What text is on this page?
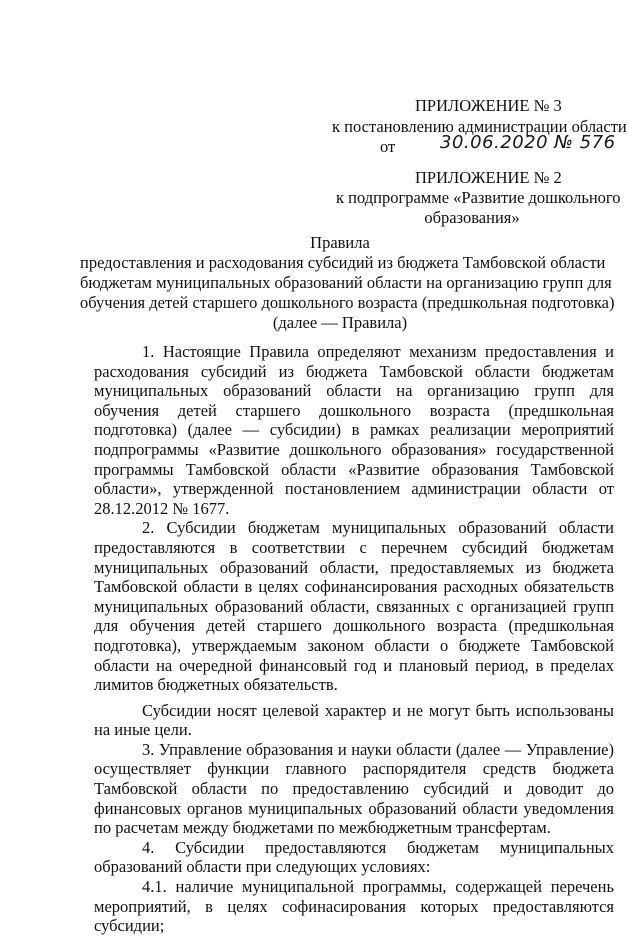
ПРИЛОЖЕНИЕ № 3
к постановлению администрации области
от 30.06.2020 № 576
ПРИЛОЖЕНИЕ № 2
к подпрограмме «Развитие дошкольного
образования»
Правила
предоставления и расходования субсидий из бюджета Тамбовской области
бюджетам муниципальных образований области на организацию групп для
обучения детей старшего дошкольного возраста (предшкольная подготовка)
(далее — Правила)

1. Настоящие Правила определяют механизм предоставления и расходования субсидий из бюджета Тамбовской области бюджетам муниципальных образований области на организацию групп для обучения детей старшего дошкольного возраста (предшкольная подготовка) (далее — субсидии) в рамках реализации мероприятий подпрограммы «Развитие дошкольного образования» государственной программы Тамбовской области «Развитие образования Тамбовской области», утвержденной постановлением администрации области от 28.12.2012 № 1677.

2. Субсидии бюджетам муниципальных образований области предоставляются в соответствии с перечнем субсидий бюджетам муниципальных образований области, предоставляемых из бюджета Тамбовской области в целях софинансирования расходных обязательств муниципальных образований области, связанных с организацией групп для обучения детей старшего дошкольного возраста (предшкольная подготовка), утверждаемым законом области о бюджете Тамбовской области на очередной финансовый год и плановый период, в пределах лимитов бюджетных обязательств.

Субсидии носят целевой характер и не могут быть использованы на иные цели.

3. Управление образования и науки области (далее — Управление) осуществляет функции главного распорядителя средств бюджета Тамбовской области по предоставлению субсидий и доводит до финансовых органов муниципальных образований области уведомления по расчетам между бюджетами по межбюджетным трансфертам.

4. Субсидии предоставляются бюджетам муниципальных образований области при следующих условиях:

4.1. наличие муниципальной программы, содержащей перечень мероприятий, в целях софинасирования которых предоставляются субсидии;
